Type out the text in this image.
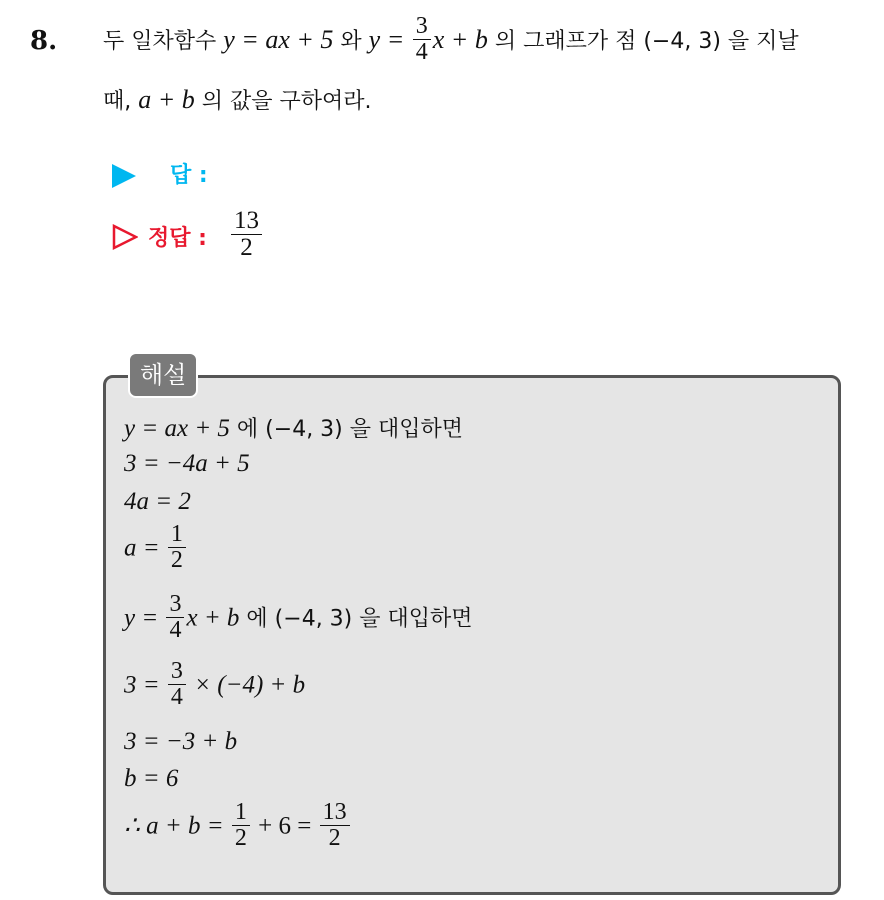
8. 두 일차함수 y = ax + 5 와 $y = \frac{3}{4}$ x + b 의 그래프가 점 (−4, 3) 을 지날
때, a + b 의 값을 구하여라.
답 :
정답 : $\frac{13}{2}$
해설
y = ax + 5 에 (−4, 3) 을 대입하면
3 = −4a + 5
4a = 2
$a = \frac{1}{2}$
$y = \frac{3}{4}$ x + b 에 (−4, 3) 을 대입하면
$3 = \frac{3}{4} \times (-4) + b$
3 = −3 + b
b = 6
∴ $a + b = \frac{1}{2} + 6 = \frac{13}{2}$
